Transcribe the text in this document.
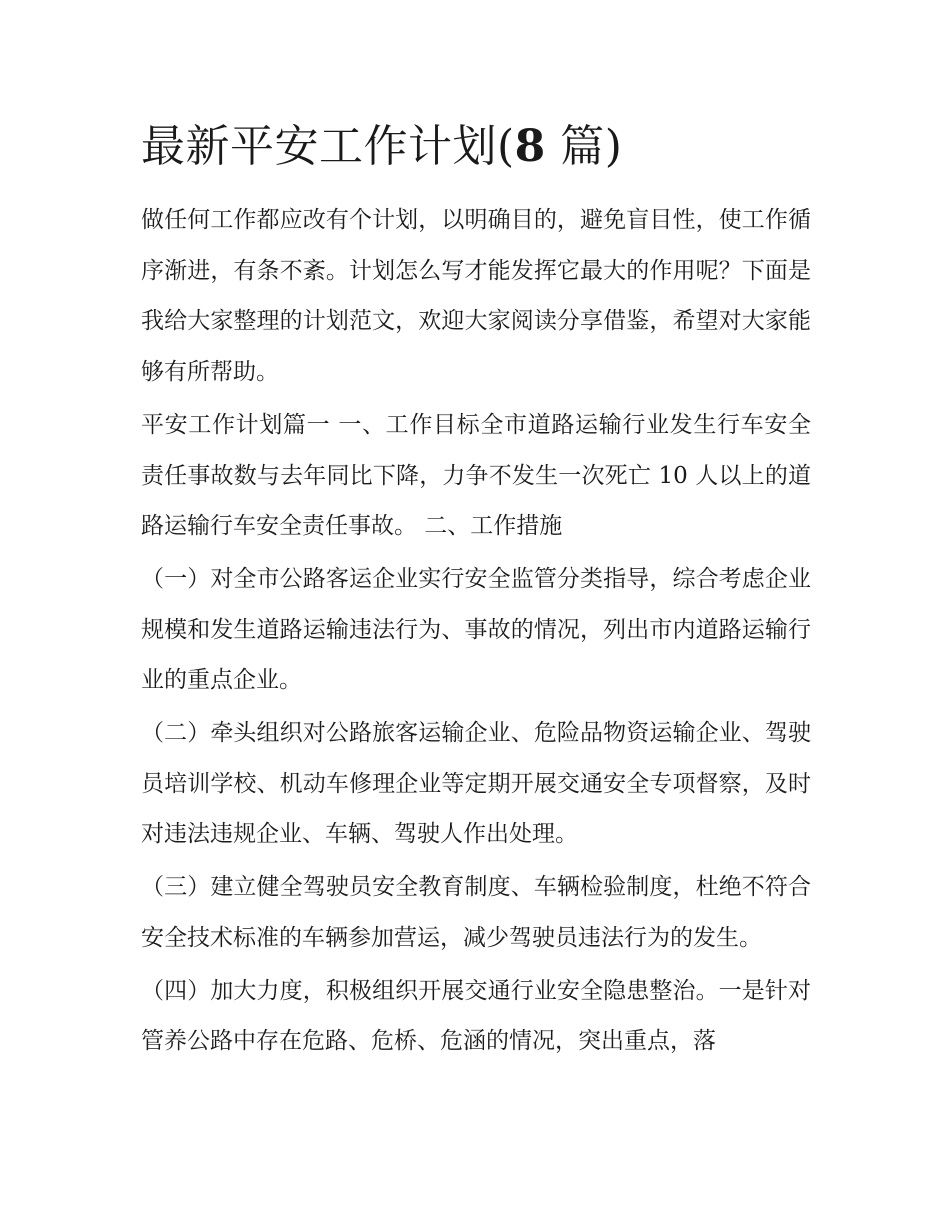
最新平安工作计划(8 篇)

做任何工作都应改有个计划，以明确目的，避免盲目性，使工作循序渐进，有条不紊。计划怎么写才能发挥它最大的作用呢？下面是我给大家整理的计划范文，欢迎大家阅读分享借鉴，希望对大家能够有所帮助。

平安工作计划篇一 一、工作目标全市道路运输行业发生行车安全责任事故数与去年同比下降，力争不发生一次死亡 10 人以上的道路运输行车安全责任事故。 二、工作措施

（一）对全市公路客运企业实行安全监管分类指导，综合考虑企业规模和发生道路运输违法行为、事故的情况，列出市内道路运输行业的重点企业。

（二）牵头组织对公路旅客运输企业、危险品物资运输企业、驾驶员培训学校、机动车修理企业等定期开展交通安全专项督察，及时对违法违规企业、车辆、驾驶人作出处理。

（三）建立健全驾驶员安全教育制度、车辆检验制度，杜绝不符合安全技术标准的车辆参加营运，减少驾驶员违法行为的发生。

（四）加大力度，积极组织开展交通行业安全隐患整治。一是针对管养公路中存在危路、危桥、危涵的情况，突出重点，落
